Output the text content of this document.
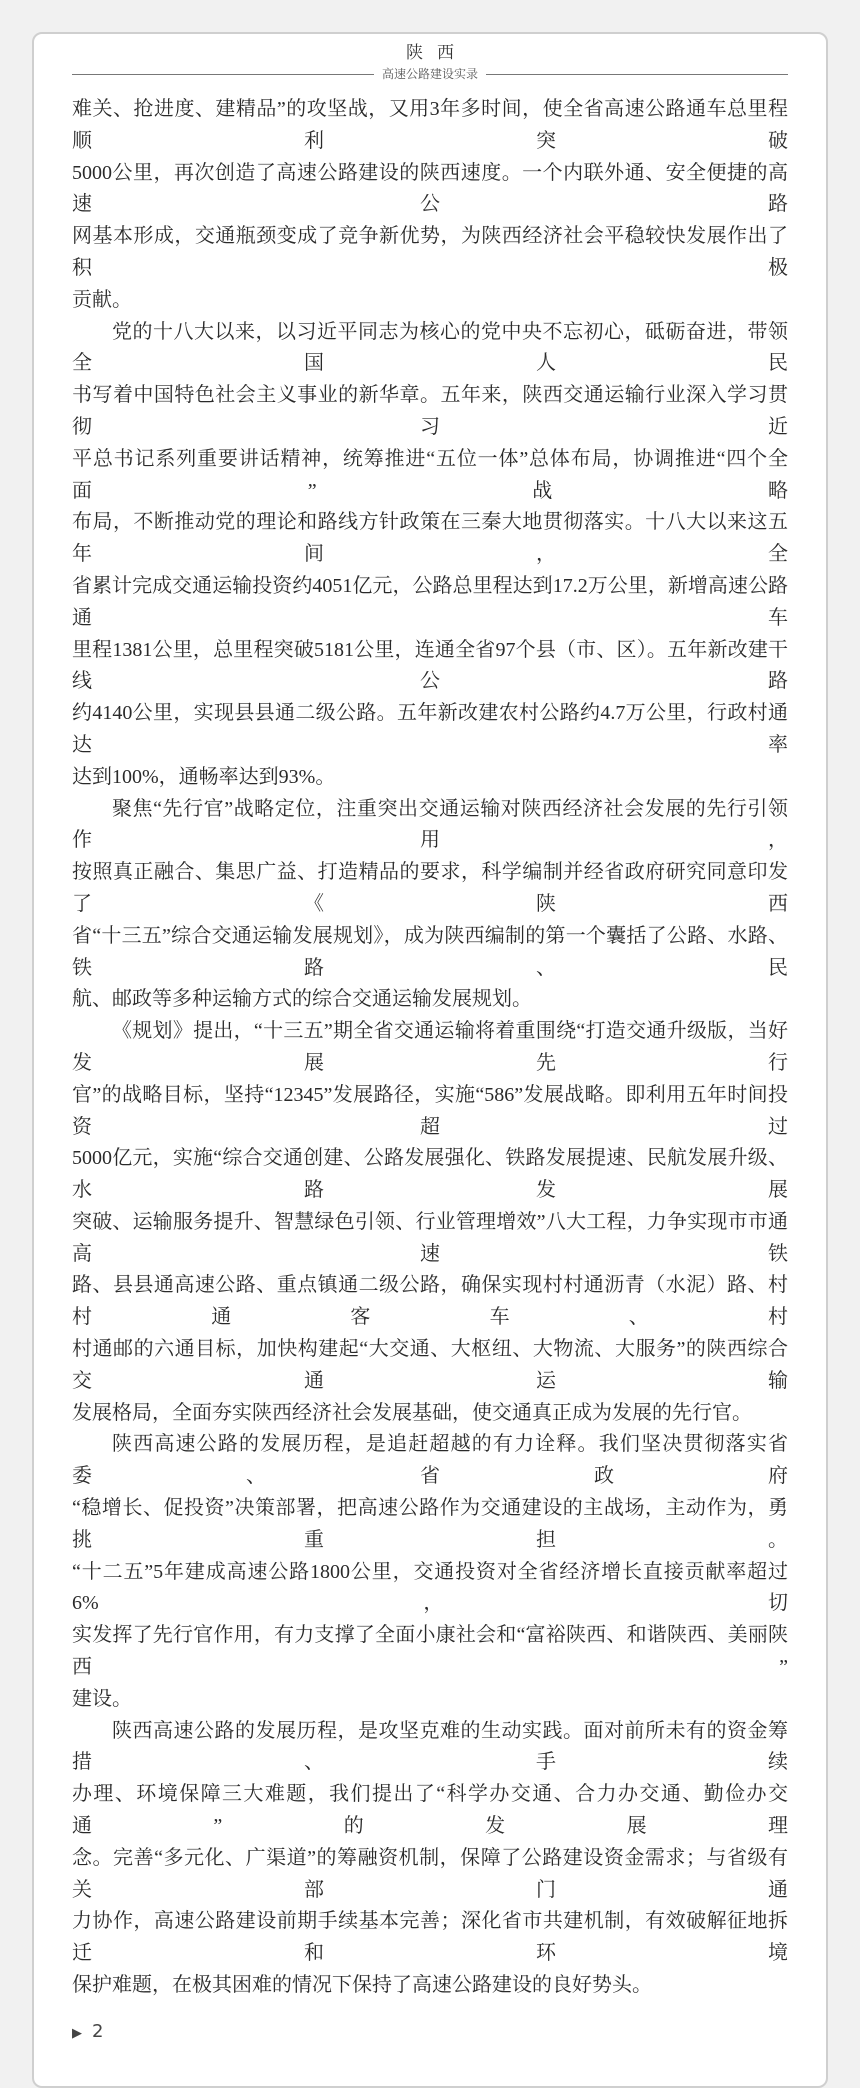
陕西
高速公路建设实录
难关、抢进度、建精品”的攻坚战，又用3年多时间，使全省高速公路通车总里程顺利突破
5000公里，再次创造了高速公路建设的陕西速度。一个内联外通、安全便捷的高速公路
网基本形成，交通瓶颈变成了竞争新优势，为陕西经济社会平稳较快发展作出了积极
贡献。
党的十八大以来，以习近平同志为核心的党中央不忘初心，砥砺奋进，带领全国人民
书写着中国特色社会主义事业的新华章。五年来，陕西交通运输行业深入学习贯彻习近
平总书记系列重要讲话精神，统筹推进“五位一体”总体布局，协调推进“四个全面”战略
布局，不断推动党的理论和路线方针政策在三秦大地贯彻落实。十八大以来这五年间，全
省累计完成交通运输投资约4051亿元，公路总里程达到17.2万公里，新增高速公路通车
里程1381公里，总里程突破5181公里，连通全省97个县（市、区）。五年新改建干线公路
约4140公里，实现县县通二级公路。五年新改建农村公路约4.7万公里，行政村通达率
达到100%，通畅率达到93%。
聚焦“先行官”战略定位，注重突出交通运输对陕西经济社会发展的先行引领作用，
按照真正融合、集思广益、打造精品的要求，科学编制并经省政府研究同意印发了《陕西
省“十三五”综合交通运输发展规划》，成为陕西编制的第一个囊括了公路、水路、铁路、民
航、邮政等多种运输方式的综合交通运输发展规划。
《规划》提出，“十三五”期全省交通运输将着重围绕“打造交通升级版，当好发展先行
官”的战略目标，坚持“12345”发展路径，实施“586”发展战略。即利用五年时间投资超过
5000亿元，实施“综合交通创建、公路发展强化、铁路发展提速、民航发展升级、水路发展
突破、运输服务提升、智慧绿色引领、行业管理增效”八大工程，力争实现市市通高速铁
路、县县通高速公路、重点镇通二级公路，确保实现村村通沥青（水泥）路、村村通客车、村
村通邮的六通目标，加快构建起“大交通、大枢纽、大物流、大服务”的陕西综合交通运输
发展格局，全面夯实陕西经济社会发展基础，使交通真正成为发展的先行官。
陕西高速公路的发展历程，是追赶超越的有力诠释。我们坚决贯彻落实省委、省政府
“稳增长、促投资”决策部署，把高速公路作为交通建设的主战场，主动作为，勇挑重担。
“十二五”5年建成高速公路1800公里，交通投资对全省经济增长直接贡献率超过6%，切
实发挥了先行官作用，有力支撑了全面小康社会和“富裕陕西、和谐陕西、美丽陕西”
建设。
陕西高速公路的发展历程，是攻坚克难的生动实践。面对前所未有的资金筹措、手续
办理、环境保障三大难题，我们提出了“科学办交通、合力办交通、勤俭办交通”的发展理
念。完善“多元化、广渠道”的筹融资机制，保障了公路建设资金需求；与省级有关部门通
力协作，高速公路建设前期手续基本完善；深化省市共建机制，有效破解征地拆迁和环境
保护难题，在极其困难的情况下保持了高速公路建设的良好势头。
▶ 2
